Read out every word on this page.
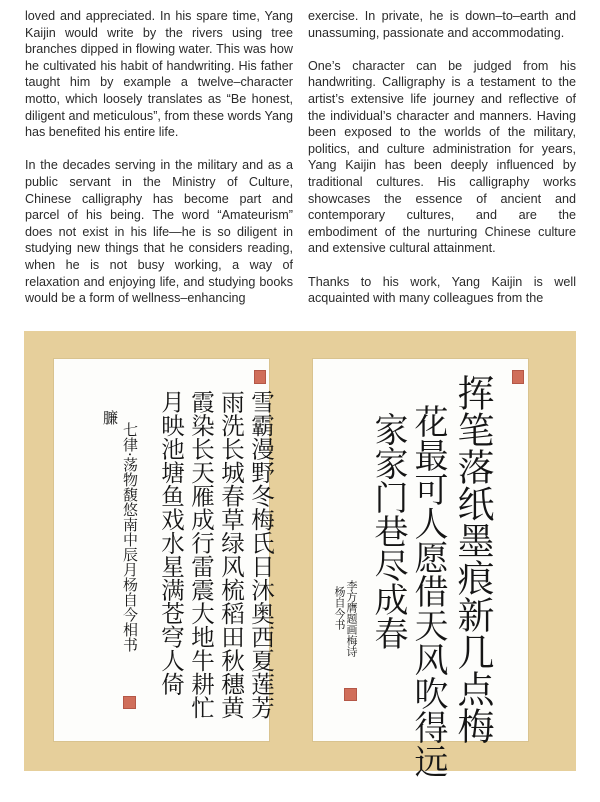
loved and appreciated. In his spare time, Yang Kaijin would write by the rivers using tree branches dipped in flowing water. This was how he cultivated his habit of handwriting. His father taught him by example a twelve–character motto, which loosely translates as “Be honest, diligent and meticulous”, from these words Yang has benefited his entire life.

In the decades serving in the military and as a public servant in the Ministry of Culture, Chinese calligraphy has become part and parcel of his being. The word “Amateurism” does not exist in his life—he is so diligent in studying new things that he considers reading, when he is not busy working, a way of relaxation and enjoying life, and studying books would be a form of wellness–enhancing

exercise. In private, he is down–to–earth and unassuming, passionate and accommodating.

One’s character can be judged from his handwriting. Calligraphy is a testament to the artist’s extensive life journey and reflective of the individual’s character and manners. Having been exposed to the worlds of the military, politics, and culture administration for years, Yang Kaijin has been deeply influenced by traditional cultures. His calligraphy works showcases the essence of ancient and contemporary cultures, and are the embodiment of the nurturing Chinese culture and extensive cultural attainment.

Thanks to his work, Yang Kaijin is well acquainted with many colleagues from the

雪霸漫野冬梅氏日沐奥西夏莲芳
雨洗长城春草绿风梳稻田秋穗黄
霞染长天雁成行雷震大地牛耕忙
月映池塘鱼戏水星满苍穹人倚
七律·荡物馥悠南中辰月杨自今相书
臁	挥笔落纸墨痕新几点梅
花最可人愿借天风吹得远
家家门巷尽成春
李方膺题画梅诗
杨自今书
